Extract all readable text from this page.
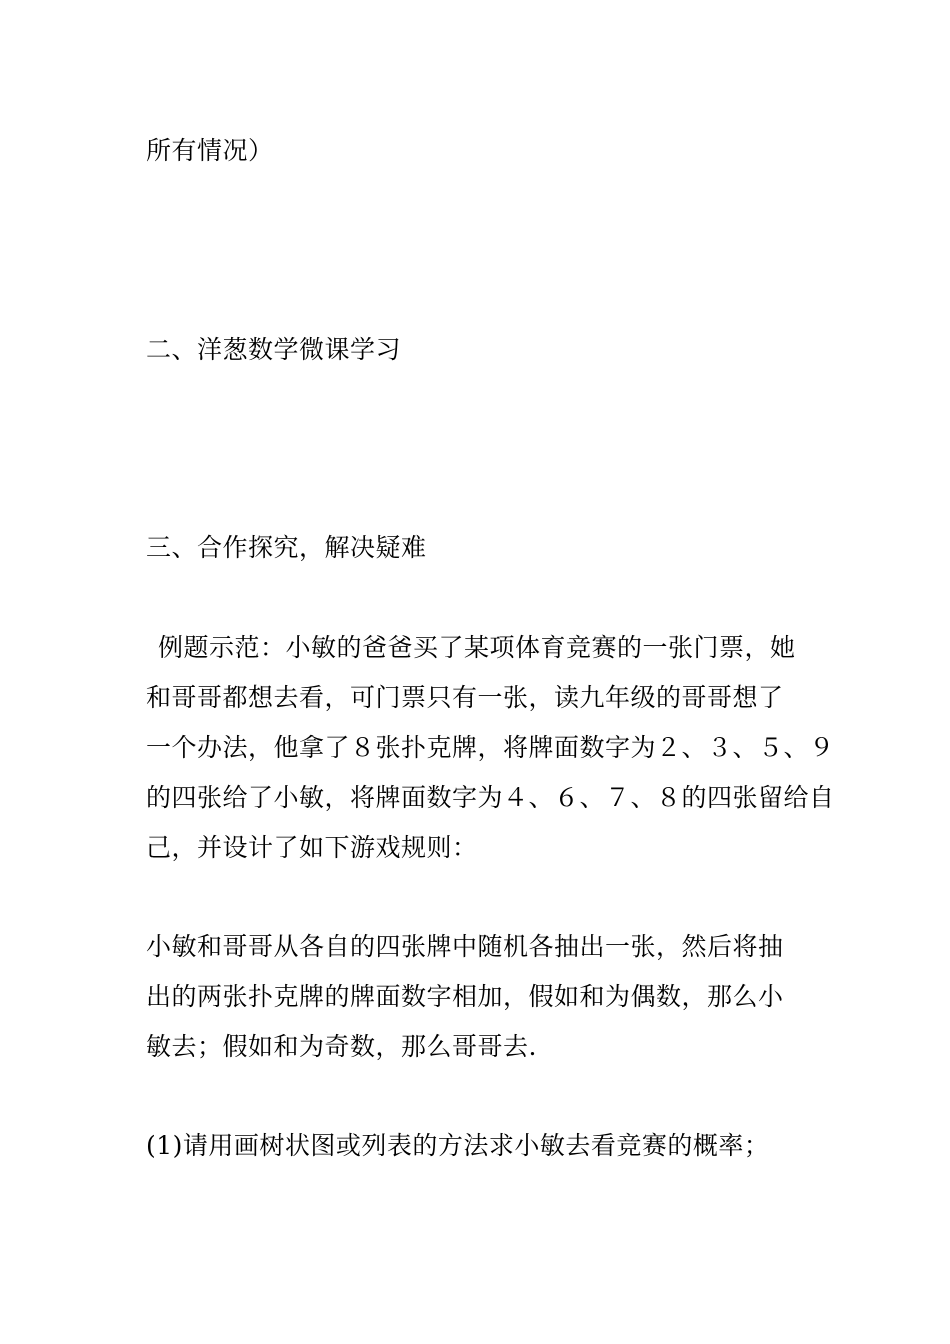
所有情况）
二、洋葱数学微课学习
三、合作探究，解决疑难
例题示范：小敏的爸爸买了某项体育竞赛的一张门票，她
和哥哥都想去看，可门票只有一张，读九年级的哥哥想了
一个办法，他拿了８张扑克牌，将牌面数字为２、３、５、９
的四张给了小敏，将牌面数字为４、６、７、８的四张留给自
己，并设计了如下游戏规则：
小敏和哥哥从各自的四张牌中随机各抽出一张，然后将抽
出的两张扑克牌的牌面数字相加，假如和为偶数，那么小
敏去；假如和为奇数，那么哥哥去.
(1)请用画树状图或列表的方法求小敏去看竞赛的概率；
